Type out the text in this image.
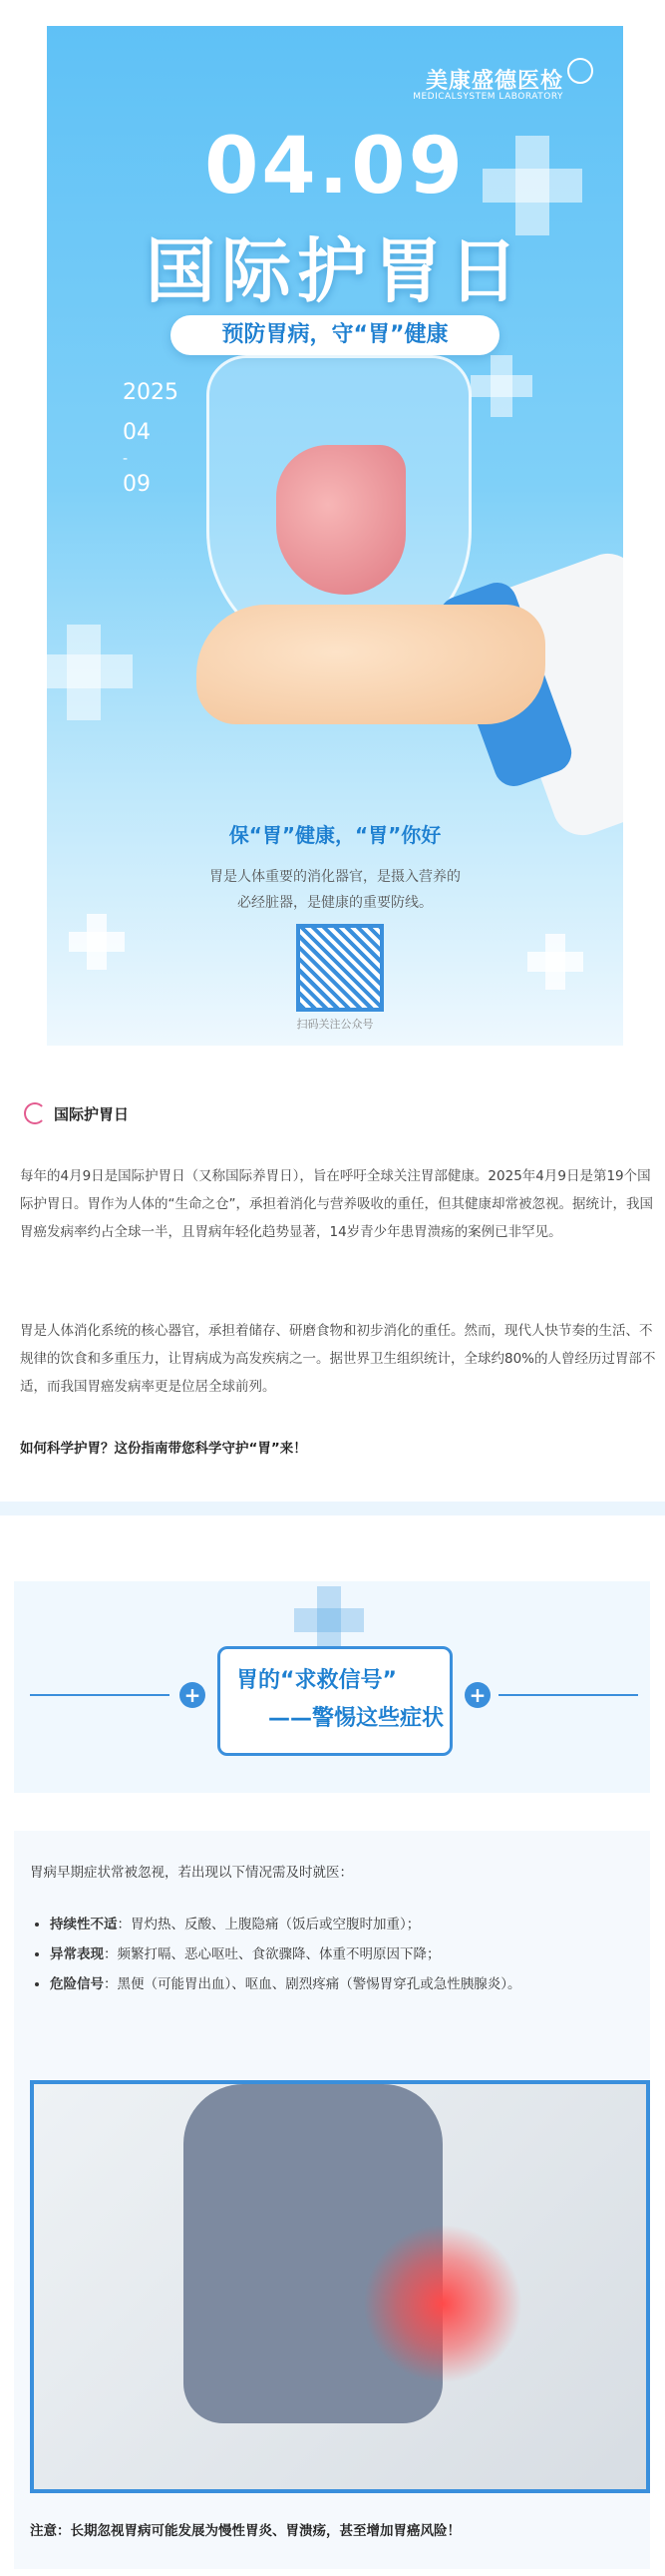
美康盛德医检
MEDICALSYSTEM LABORATORY
04.09
国际护胃日
预防胃病，守“胃”健康
2025
04
-
09
保“胃”健康，“胃”你好
胃是人体重要的消化器官，是摄入营养的
必经脏器，是健康的重要防线。
扫码关注公众号
国际护胃日

每年的4月9日是国际护胃日（又称国际养胃日），旨在呼吁全球关注胃部健康。2025年4月9日是第19个国际护胃日。胃作为人体的“生命之仓”，承担着消化与营养吸收的重任，但其健康却常被忽视。据统计，我国胃癌发病率约占全球一半，且胃病年轻化趋势显著，14岁青少年患胃溃疡的案例已非罕见。

胃是人体消化系统的核心器官，承担着储存、研磨食物和初步消化的重任。然而，现代人快节奏的生活、不规律的饮食和多重压力，让胃病成为高发疾病之一。据世界卫生组织统计，全球约80%的人曾经历过胃部不适，而我国胃癌发病率更是位居全球前列。

如何科学护胃？这份指南带您科学守护“胃”来！
+	+
胃的“求救信号”
——警惕这些症状
胃病早期症状常被忽视，若出现以下情况需及时就医：
• 持续性不适：胃灼热、反酸、上腹隐痛（饭后或空腹时加重）；
• 异常表现：频繁打嗝、恶心呕吐、食欲骤降、体重不明原因下降；
• 危险信号：黑便（可能胃出血）、呕血、剧烈疼痛（警惕胃穿孔或急性胰腺炎）。
注意：长期忽视胃病可能发展为慢性胃炎、胃溃疡，甚至增加胃癌风险！
